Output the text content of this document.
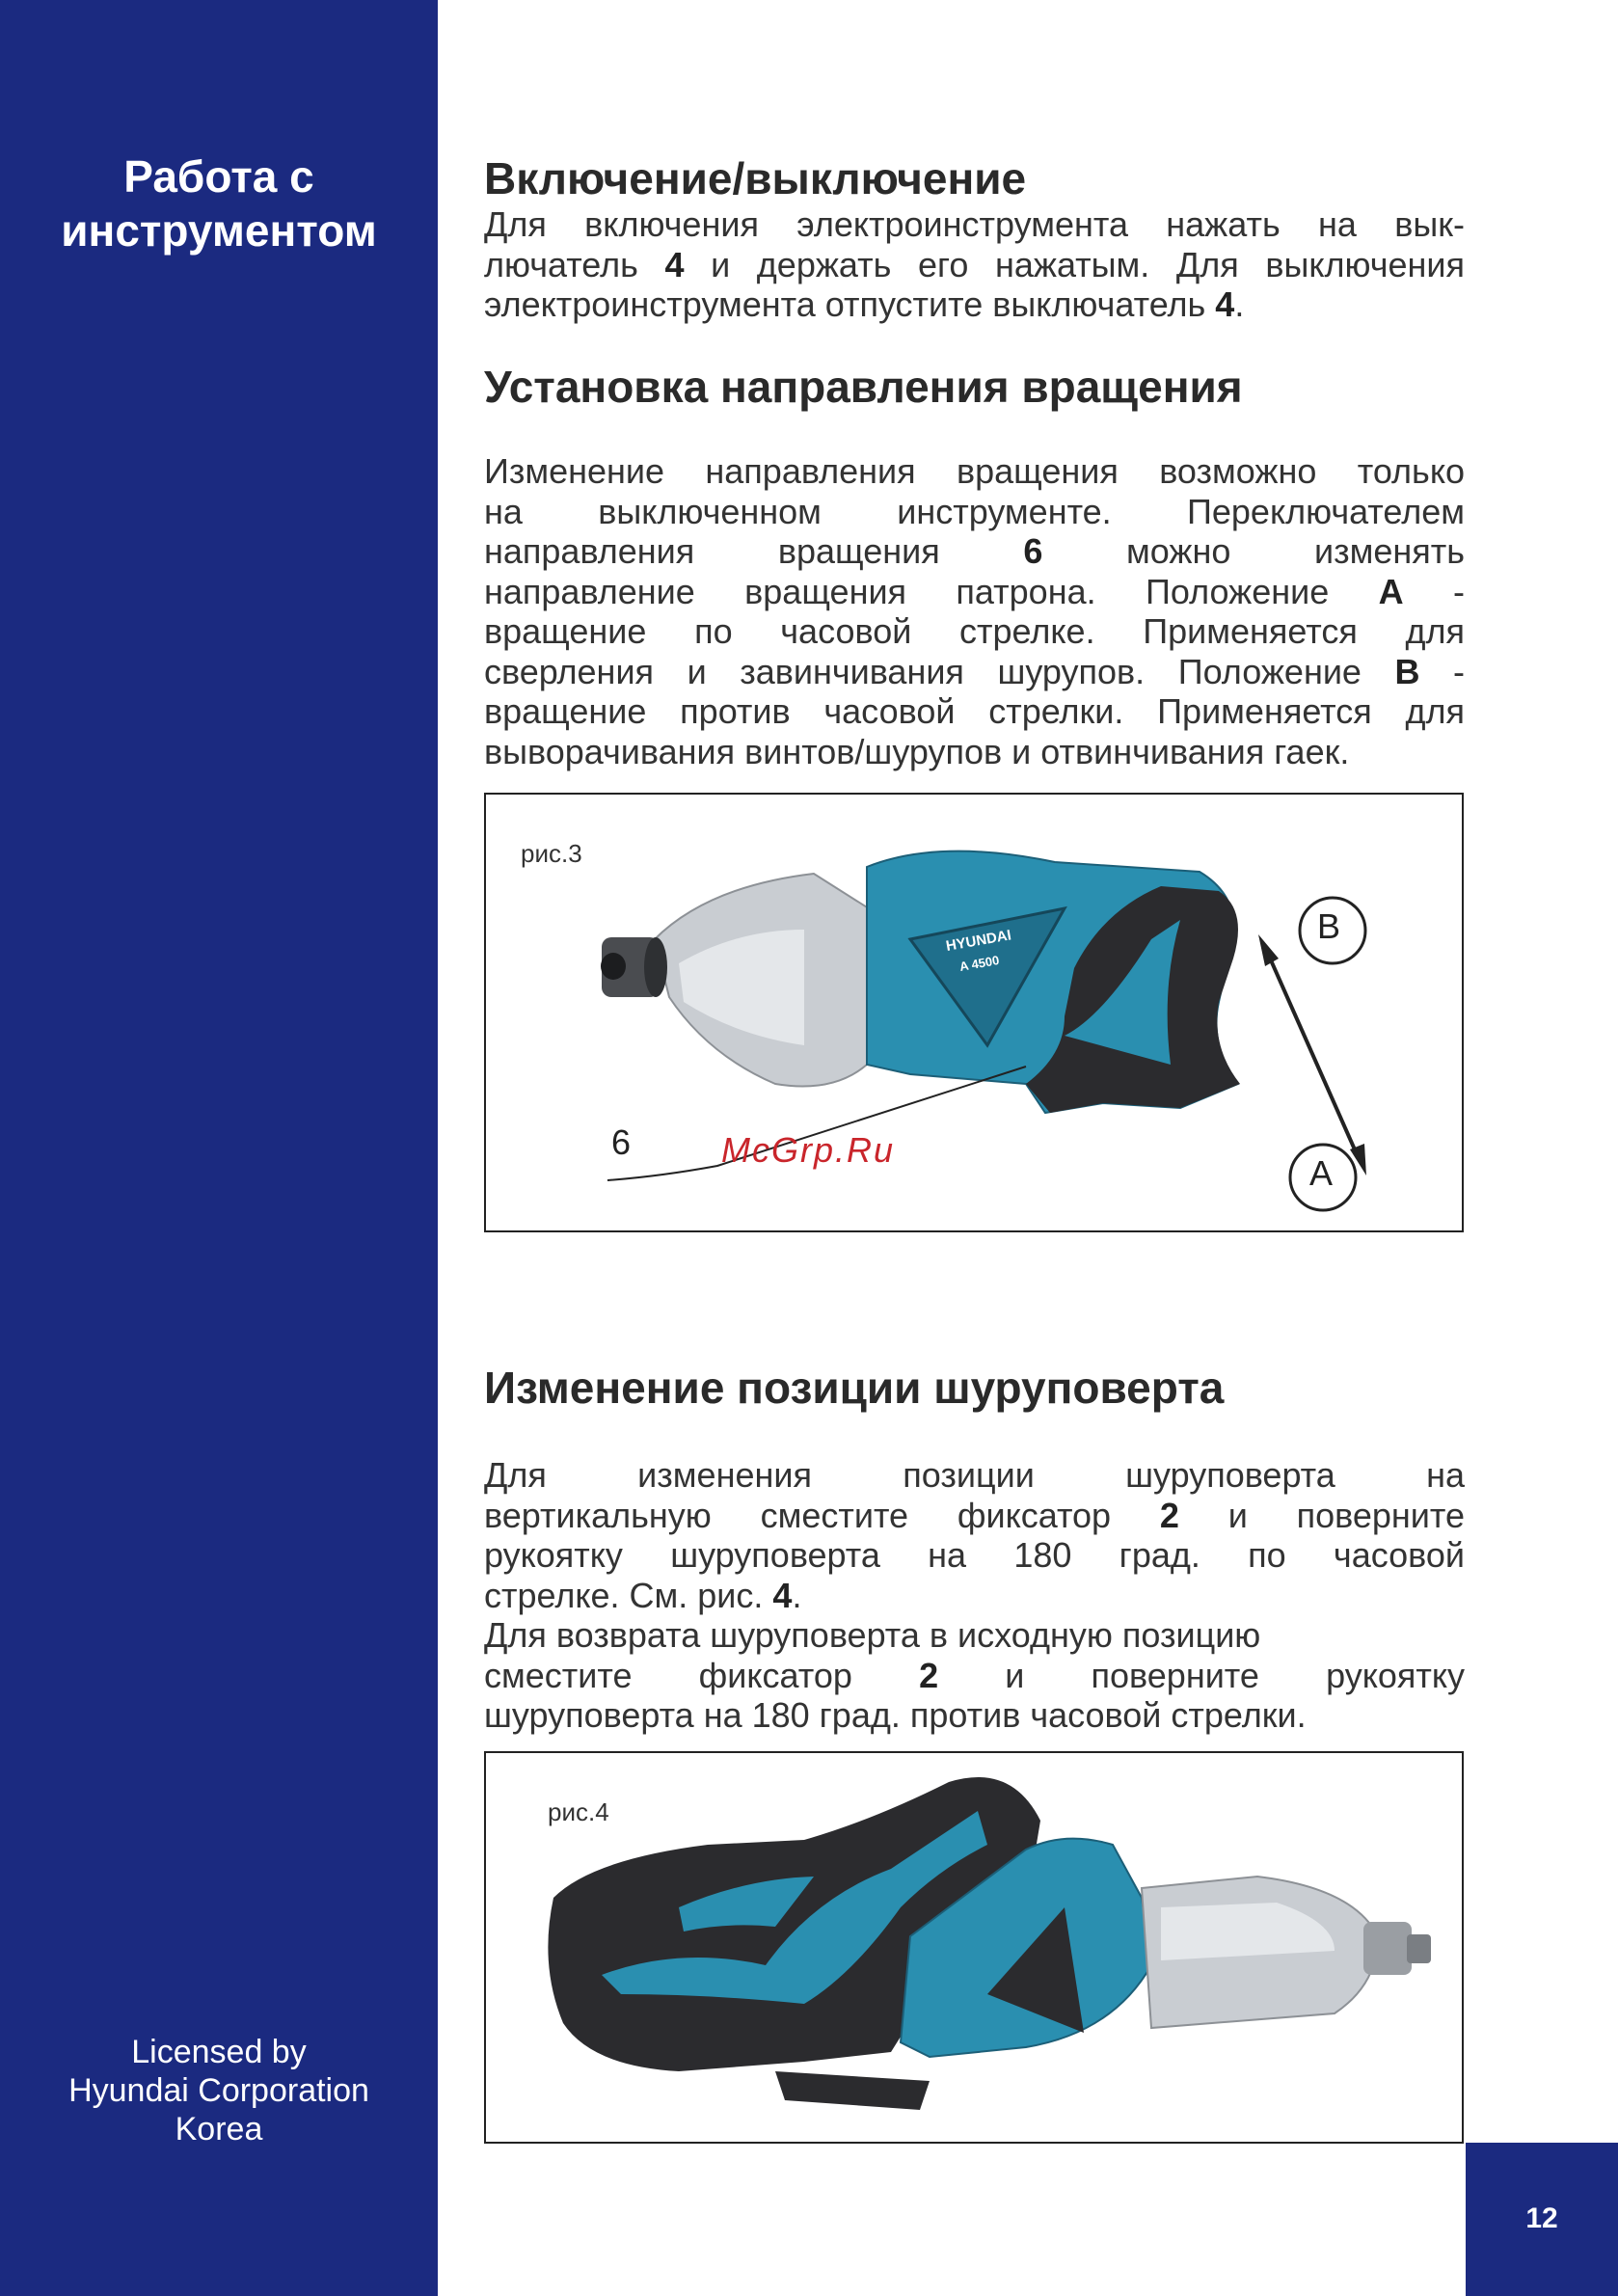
Работа с
инструментом
Licensed by
Hyundai Corporation
Korea
Включение/выключение
Для включения электроинструмента нажать на вык-
лючатель 4 и держать его нажатым. Для выключения
электроинструмента отпустите выключатель 4.
Установка направления вращения
Изменение направления вращения возможно только
на выключенном инструменте. Переключателем
направления вращения 6 можно изменять
направление вращения патрона. Положение A -
вращение по часовой стрелке. Применяется для
сверления и завинчивания шурупов. Положение B -
вращение против часовой стрелки. Применяется для
выворачивания винтов/шурупов и отвинчивания гаек.
рис.3
HYUNDAI
A 4500
B
A
6	McGrp.Ru
Изменение позиции шуруповерта
Для изменения позиции шуруповерта на
вертикальную сместите фиксатор 2 и поверните
рукоятку шуруповерта на 180 град. по часовой
стрелке. См. рис. 4.
Для возврата шуруповерта в исходную позицию
сместите фиксатор 2 и поверните рукоятку
шуруповерта на 180 град. против часовой стрелки.
рис.4
12
